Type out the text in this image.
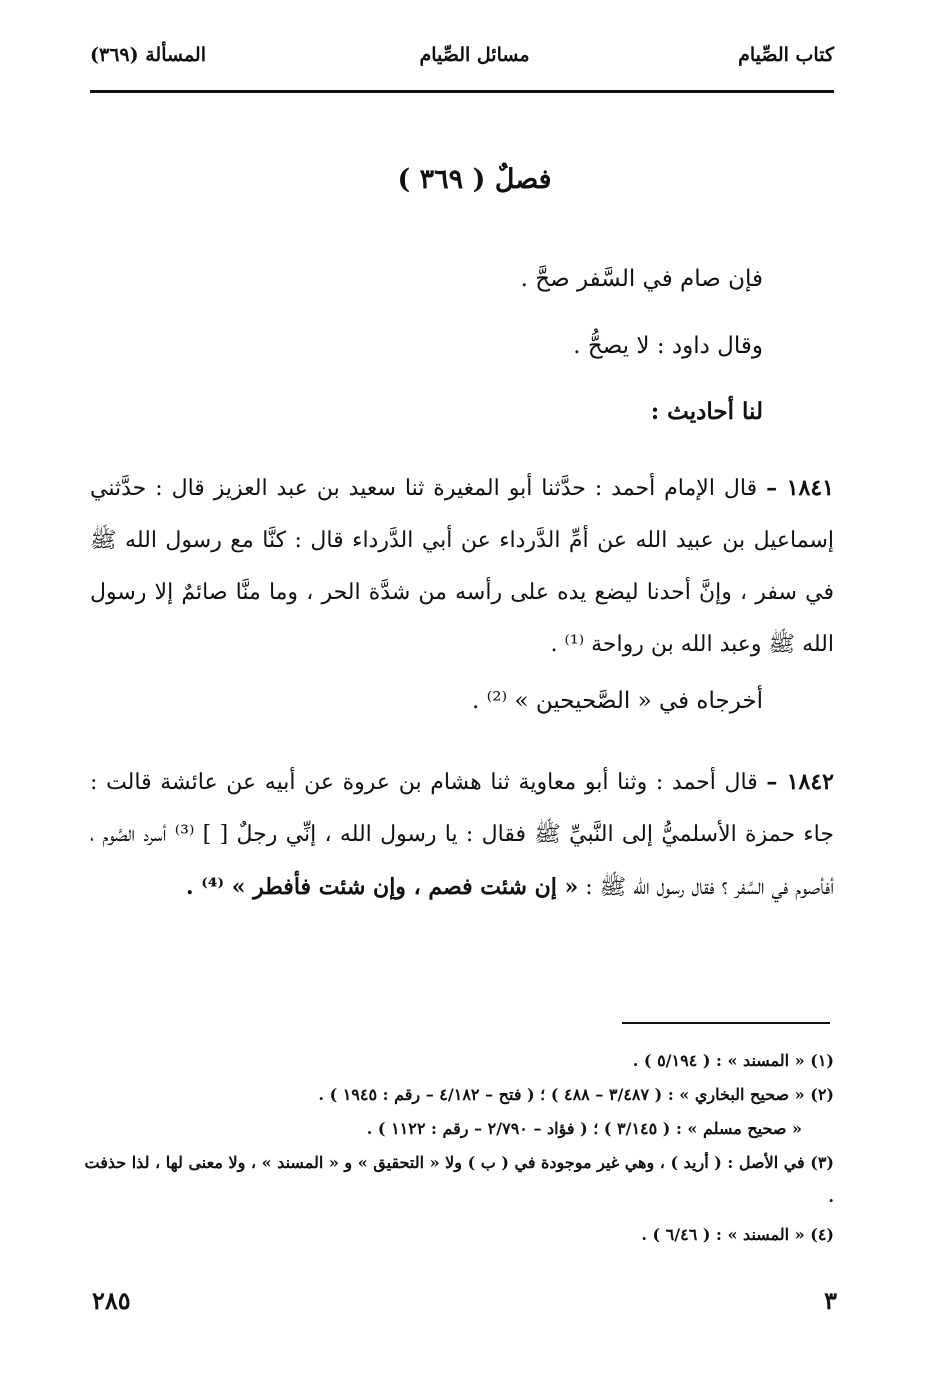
كتاب الصِّيام
مسائل الصِّيام
المسألة (٣٦٩)
فصلٌ ( ٣٦٩ )
فإن صام في السَّفر صحَّ .
وقال داود : لا يصحُّ .
لنا أحاديث :
١٨٤١ – قال الإمام أحمد : حدَّثنا أبو المغيرة ثنا سعيد بن عبد العزيز قال : حدَّثني إسماعيل بن عبيد الله عن أمِّ الدَّرداء عن أبي الدَّرداء قال : كنَّا مع رسول الله ﷺ في سفر ، وإنَّ أحدنا ليضع يده على رأسه من شدَّة الحر ، وما منَّا صائمٌ إلا رسول الله ﷺ وعبد الله بن رواحة ⁽¹⁾ .
أخرجاه في « الصَّحيحين » ⁽²⁾ .
١٨٤٢ – قال أحمد : وثنا أبو معاوية ثنا هشام بن عروة عن أبيه عن عائشة قالت : جاء حمزة الأسلميُّ إلى النَّبيِّ ﷺ فقال : يا رسول الله ، إنِّي رجلٌ [ ] ⁽³⁾ أسرد الصَّوم ، أفأصوم في السَّفر ؟ فقال رسول الله ﷺ : « إن شئت فصم ، وإن شئت فأفطر » ⁽⁴⁾ .
(١) « المسند » : ( ٥/١٩٤ ) .
(٢) « صحيح البخاري » : ( ٣/٤٨٧ – ٤٨٨ ) ؛ ( فتح – ٤/١٨٢ – رقم : ١٩٤٥ ) .
« صحيح مسلم » : ( ٣/١٤٥ ) ؛ ( فؤاد – ٢/٧٩٠ – رقم : ١١٢٢ ) .
(٣) في الأصل : ( أريد ) ، وهي غير موجودة في ( ب ) ولا « التحقيق » و « المسند » ، ولا معنى لها ، لذا حذفت .
(٤) « المسند » : ( ٦/٤٦ ) .
٣
٢٨٥
